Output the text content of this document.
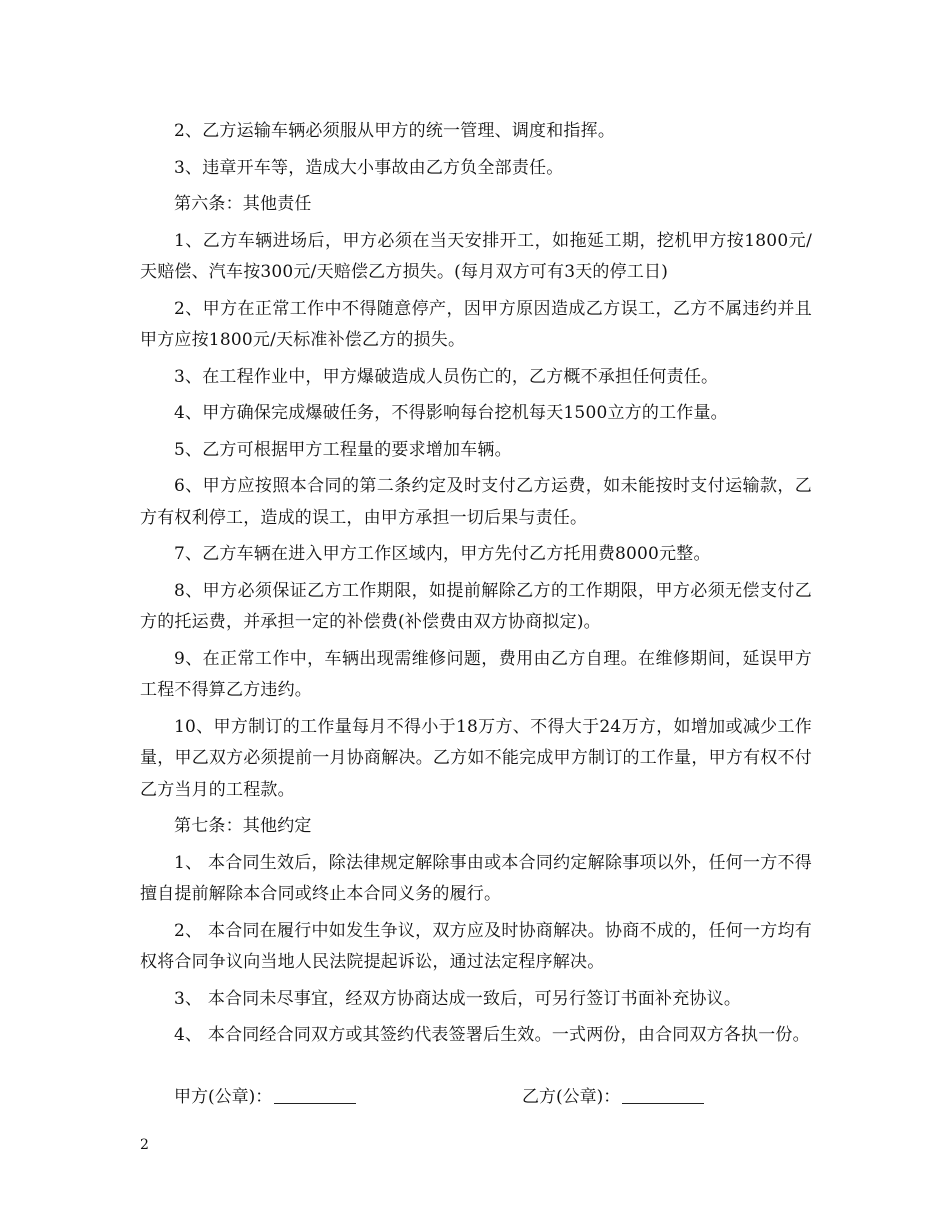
2、乙方运输车辆必须服从甲方的统一管理、调度和指挥。

3、违章开车等，造成大小事故由乙方负全部责任。

第六条：其他责任

1、乙方车辆进场后，甲方必须在当天安排开工，如拖延工期，挖机甲方按1800元/天赔偿、汽车按300元/天赔偿乙方损失。(每月双方可有3天的停工日)

2、甲方在正常工作中不得随意停产，因甲方原因造成乙方误工，乙方不属违约并且甲方应按1800元/天标准补偿乙方的损失。

3、在工程作业中，甲方爆破造成人员伤亡的，乙方概不承担任何责任。

4、甲方确保完成爆破任务，不得影响每台挖机每天1500立方的工作量。

5、乙方可根据甲方工程量的要求增加车辆。

6、甲方应按照本合同的第二条约定及时支付乙方运费，如未能按时支付运输款，乙方有权利停工，造成的误工，由甲方承担一切后果与责任。

7、乙方车辆在进入甲方工作区域内，甲方先付乙方托用费8000元整。

8、甲方必须保证乙方工作期限，如提前解除乙方的工作期限，甲方必须无偿支付乙方的托运费，并承担一定的补偿费(补偿费由双方协商拟定)。

9、在正常工作中，车辆出现需维修问题，费用由乙方自理。在维修期间，延误甲方工程不得算乙方违约。

10、甲方制订的工作量每月不得小于18万方、不得大于24万方，如增加或减少工作量，甲乙双方必须提前一月协商解决。乙方如不能完成甲方制订的工作量，甲方有权不付乙方当月的工程款。

第七条：其他约定

1、 本合同生效后，除法律规定解除事由或本合同约定解除事项以外，任何一方不得擅自提前解除本合同或终止本合同义务的履行。

2、 本合同在履行中如发生争议，双方应及时协商解决。协商不成的，任何一方均有权将合同争议向当地人民法院提起诉讼，通过法定程序解决。

3、 本合同未尽事宜，经双方协商达成一致后，可另行签订书面补充协议。

4、 本合同经合同双方或其签约代表签署后生效。一式两份，由合同双方各执一份。

甲方(公章)：	乙方(公章)：
2
